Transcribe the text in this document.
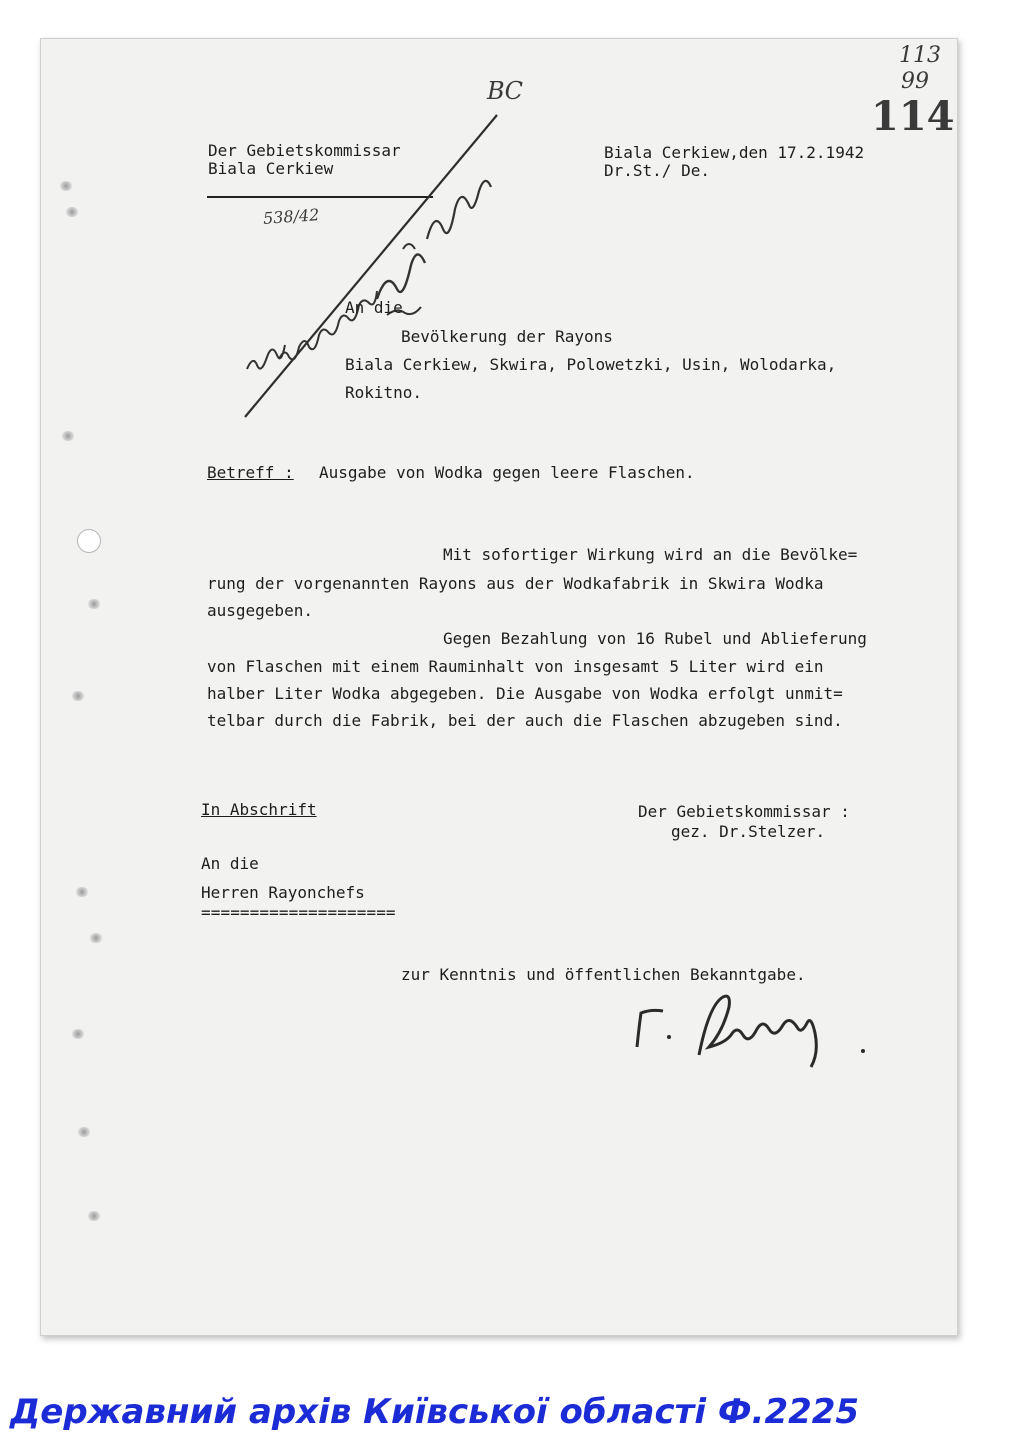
Der Gebietskommissar
Biala Cerkiew
Biala Cerkiew,den 17.2.1942
Dr.St./ De.
113
99
114
ВС
538/42
An die
Bevölkerung der Rayons
Biala Cerkiew, Skwira, Polowetzki, Usin, Wolodarka,
Rokitno.
Betreff : Ausgabe von Wodka gegen leere Flaschen.
Mit sofortiger Wirkung wird an die Bevölke=
rung der vorgenannten Rayons aus der Wodkafabrik in Skwira Wodka
ausgegeben.
Gegen Bezahlung von 16 Rubel und Ablieferung
von Flaschen mit einem Rauminhalt von insgesamt 5 Liter wird ein
halber Liter Wodka abgegeben. Die Ausgabe von Wodka erfolgt unmit=
telbar durch die Fabrik, bei der auch die Flaschen abzugeben sind.
In Abschrift	Der Gebietskommissar :
gez. Dr.Stelzer.
An die
Herren Rayonchefs
====================
zur Kenntnis und öffentlichen Bekanntgabe.
Державний архів Київської області Ф.2225
